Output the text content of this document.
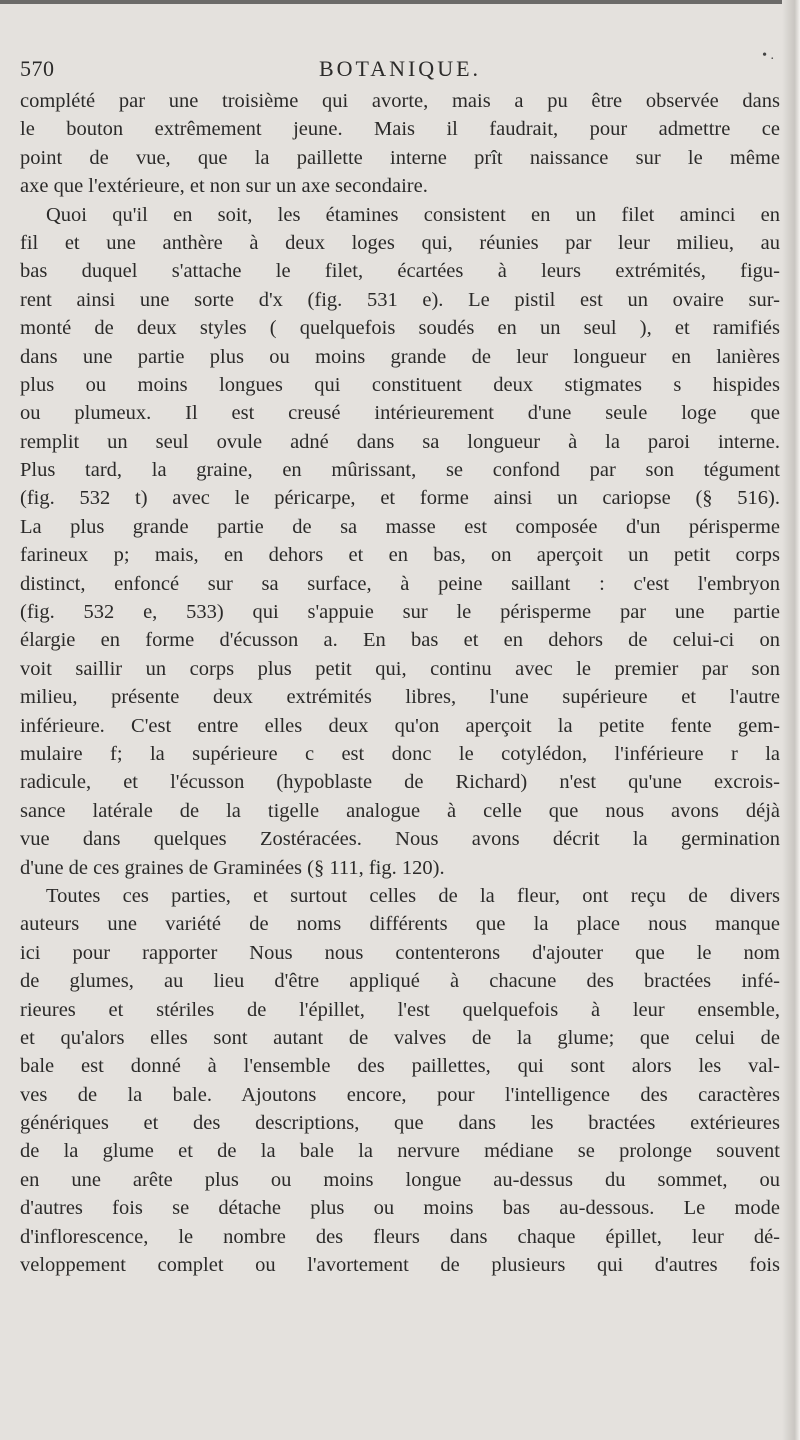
570	BOTANIQUE.
• .
complété par une troisième qui avorte, mais a pu être observée dans
le bouton extrêmement jeune. Mais il faudrait, pour admettre ce
point de vue, que la paillette interne prît naissance sur le même
axe que l'extérieure, et non sur un axe secondaire.
Quoi qu'il en soit, les étamines consistent en un filet aminci en
fil et une anthère à deux loges qui, réunies par leur milieu, au
bas duquel s'attache le filet, écartées à leurs extrémités, figu-
rent ainsi une sorte d'x (fig. 531 e). Le pistil est un ovaire sur-
monté de deux styles ( quelquefois soudés en un seul ), et ramifiés
dans une partie plus ou moins grande de leur longueur en lanières
plus ou moins longues qui constituent deux stigmates s hispides
ou plumeux. Il est creusé intérieurement d'une seule loge que
remplit un seul ovule adné dans sa longueur à la paroi interne.
Plus tard, la graine, en mûrissant, se confond par son tégument
(fig. 532 t) avec le péricarpe, et forme ainsi un cariopse (§ 516).
La plus grande partie de sa masse est composée d'un périsperme
farineux p; mais, en dehors et en bas, on aperçoit un petit corps
distinct, enfoncé sur sa surface, à peine saillant : c'est l'embryon
(fig. 532 e, 533) qui s'appuie sur le périsperme par une partie
élargie en forme d'écusson a. En bas et en dehors de celui-ci on
voit saillir un corps plus petit qui, continu avec le premier par son
milieu, présente deux extrémités libres, l'une supérieure et l'autre
inférieure. C'est entre elles deux qu'on aperçoit la petite fente gem-
mulaire f; la supérieure c est donc le cotylédon, l'inférieure r la
radicule, et l'écusson (hypoblaste de Richard) n'est qu'une excrois-
sance latérale de la tigelle analogue à celle que nous avons déjà
vue dans quelques Zostéracées. Nous avons décrit la germination
d'une de ces graines de Graminées (§ 111, fig. 120).
Toutes ces parties, et surtout celles de la fleur, ont reçu de divers
auteurs une variété de noms différents que la place nous manque
ici pour rapporter Nous nous contenterons d'ajouter que le nom
de glumes, au lieu d'être appliqué à chacune des bractées infé-
rieures et stériles de l'épillet, l'est quelquefois à leur ensemble,
et qu'alors elles sont autant de valves de la glume; que celui de
bale est donné à l'ensemble des paillettes, qui sont alors les val-
ves de la bale. Ajoutons encore, pour l'intelligence des caractères
génériques et des descriptions, que dans les bractées extérieures
de la glume et de la bale la nervure médiane se prolonge souvent
en une arête plus ou moins longue au-dessus du sommet, ou
d'autres fois se détache plus ou moins bas au-dessous. Le mode
d'inflorescence, le nombre des fleurs dans chaque épillet, leur dé-
veloppement complet ou l'avortement de plusieurs qui d'autres fois
